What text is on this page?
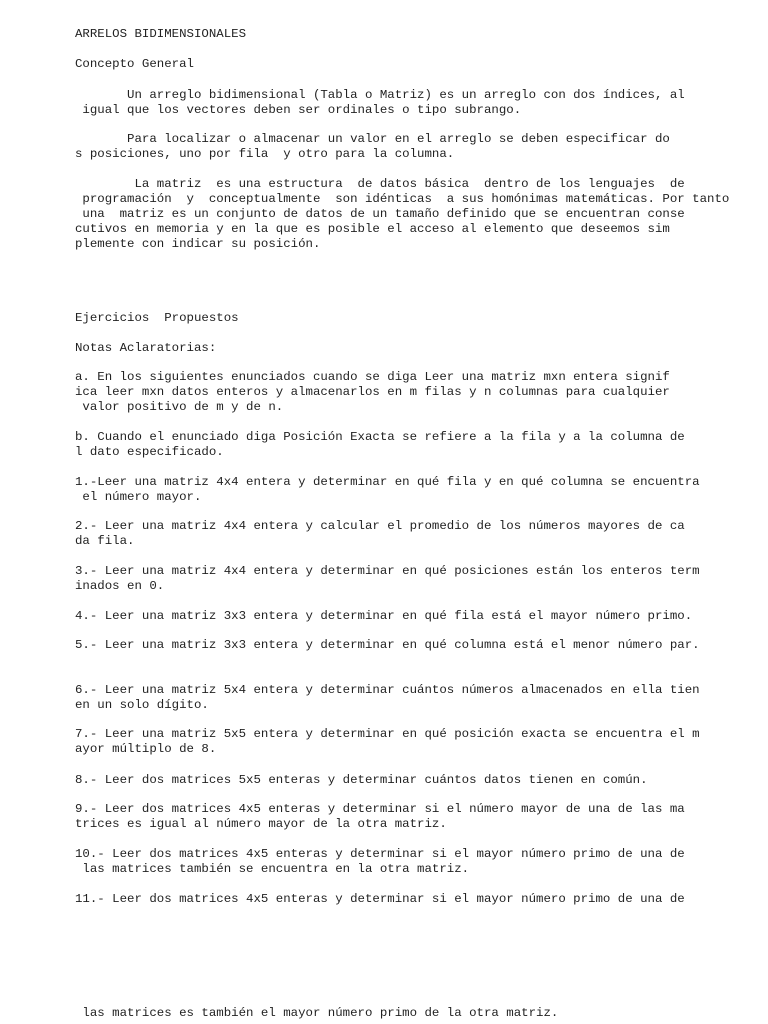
ARRELOS BIDIMENSIONALES
Concepto General
Un arreglo bidimensional (Tabla o Matriz) es un arreglo con dos índices, al
igual que los vectores deben ser ordinales o tipo subrango.
Para localizar o almacenar un valor en el arreglo se deben especificar do
s posiciones, uno por fila  y otro para la columna.
La matriz  es una estructura  de datos básica  dentro de los lenguajes  de
programación  y  conceptualmente  son idénticas  a sus homónimas matemáticas. Por tanto
una  matriz es un conjunto de datos de un tamaño definido que se encuentran conse
cutivos en memoria y en la que es posible el acceso al elemento que deseemos sim
plemente con indicar su posición.
Ejercicios  Propuestos
Notas Aclaratorias:
a. En los siguientes enunciados cuando se diga Leer una matriz mxn entera signif
ica leer mxn datos enteros y almacenarlos en m filas y n columnas para cualquier
valor positivo de m y de n.
b. Cuando el enunciado diga Posición Exacta se refiere a la fila y a la columna de
l dato especificado.
1.-Leer una matriz 4x4 entera y determinar en qué fila y en qué columna se encuentra
el número mayor.
2.- Leer una matriz 4x4 entera y calcular el promedio de los números mayores de ca
da fila.
3.- Leer una matriz 4x4 entera y determinar en qué posiciones están los enteros term
inados en 0.
4.- Leer una matriz 3x3 entera y determinar en qué fila está el mayor número primo.
5.- Leer una matriz 3x3 entera y determinar en qué columna está el menor número par.
6.- Leer una matriz 5x4 entera y determinar cuántos números almacenados en ella tien
en un solo dígito.
7.- Leer una matriz 5x5 entera y determinar en qué posición exacta se encuentra el m
ayor múltiplo de 8.
8.- Leer dos matrices 5x5 enteras y determinar cuántos datos tienen en común.
9.- Leer dos matrices 4x5 enteras y determinar si el número mayor de una de las ma
trices es igual al número mayor de la otra matriz.
10.- Leer dos matrices 4x5 enteras y determinar si el mayor número primo de una de
las matrices también se encuentra en la otra matriz.
11.- Leer dos matrices 4x5 enteras y determinar si el mayor número primo de una de
las matrices es también el mayor número primo de la otra matriz.
